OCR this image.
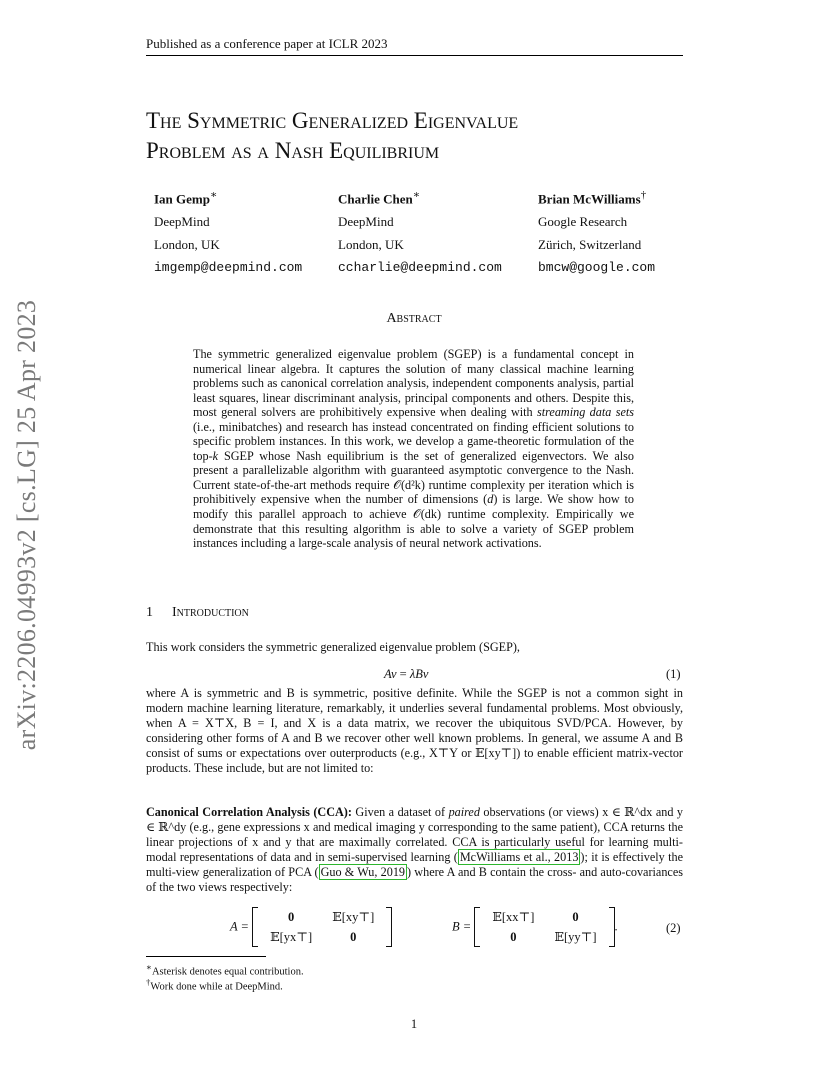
Published as a conference paper at ICLR 2023
The Symmetric Generalized Eigenvalue
Problem as a Nash Equilibrium
Ian Gemp∗
DeepMind
London, UK
imgemp@deepmind.com
Charlie Chen∗
DeepMind
London, UK
ccharlie@deepmind.com
Brian McWilliams†
Google Research
Zürich, Switzerland
bmcw@google.com
arXiv:2206.04993v2 [cs.LG] 25 Apr 2023	Abstract
The symmetric generalized eigenvalue problem (SGEP) is a fundamental concept in numerical linear algebra. It captures the solution of many classical machine learning problems such as canonical correlation analysis, independent components analysis, partial least squares, linear discriminant analysis, principal components and others. Despite this, most general solvers are prohibitively expensive when dealing with streaming data sets (i.e., minibatches) and research has instead concentrated on finding efficient solutions to specific problem instances. In this work, we develop a game-theoretic formulation of the top-k SGEP whose Nash equilibrium is the set of generalized eigenvectors. We also present a parallelizable algorithm with guaranteed asymptotic convergence to the Nash. Current state-of-the-art methods require 𝒪(d²k) runtime complexity per iteration which is prohibitively expensive when the number of dimensions (d) is large. We show how to modify this parallel approach to achieve 𝒪(dk) runtime complexity. Empirically we demonstrate that this resulting algorithm is able to solve a variety of SGEP problem instances including a large-scale analysis of neural network activations.
1 Introduction
This work considers the symmetric generalized eigenvalue problem (SGEP),
Av = λBv	(1)
where A is symmetric and B is symmetric, positive definite. While the SGEP is not a common sight in modern machine learning literature, remarkably, it underlies several fundamental problems. Most obviously, when A = X⊤X, B = I, and X is a data matrix, we recover the ubiquitous SVD/PCA. However, by considering other forms of A and B we recover other well known problems. In general, we assume A and B consist of sums or expectations over outerproducts (e.g., X⊤Y or 𝔼[xy⊤]) to enable efficient matrix-vector products. These include, but are not limited to:
Canonical Correlation Analysis (CCA): Given a dataset of paired observations (or views) x ∈ ℝ^dx and y ∈ ℝ^dy (e.g., gene expressions x and medical imaging y corresponding to the same patient), CCA returns the linear projections of x and y that are maximally correlated. CCA is particularly useful for learning multi-modal representations of data and in semi-supervised learning ( McWilliams et al., 2013 ); it is effectively the multi-view generalization of PCA ( Guo & Wu, 2019 ) where A and B contain the cross- and auto-covariances of the two views respectively:
A =
0	𝔼[xy⊤]
𝔼[yx⊤]	0
B =
𝔼[xx⊤]	0
0	𝔼[yy⊤]
.	(2)
∗Asterisk denotes equal contribution.
†Work done while at DeepMind.
1
